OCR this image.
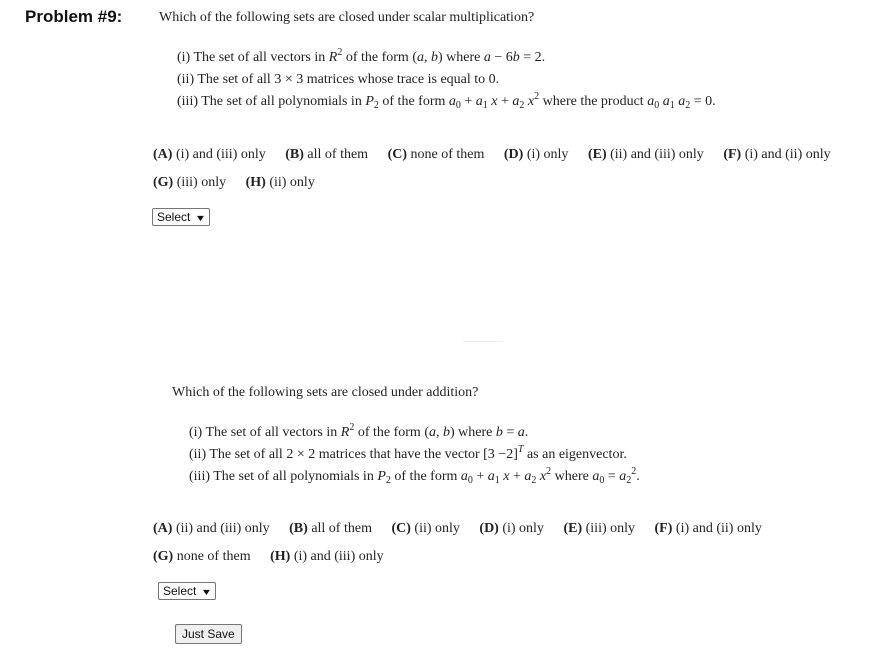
Problem #9:	Which of the following sets are closed under scalar multiplication?
(i) The set of all vectors in $R^2$ of the form (a, b) where a − 6b = 2.
(ii) The set of all 3 × 3 matrices whose trace is equal to 0.
(iii) The set of all polynomials in $P_2$ of the form $a_0 + a_1$ $x + a_2$ $x^2$ where the product $a_0$ $a_1$ $a_2 = 0$.
(A) (i) and (iii) only (B) all of them (C) none of them (D) (i) only (E) (ii) and (iii) only (F) (i) and (ii) only
(G) (iii) only (H) (ii) only
Select ▼
Which of the following sets are closed under addition?
(i) The set of all vectors in $R^2$ of the form (a, b) where b = a.
(ii) The set of all 2 × 2 matrices that have the vector $[3 -2]^T$ as an eigenvector.
(iii) The set of all polynomials in $P_2$ of the form $a_0 + a_1$ $x + a_2$ $x^2$ where $a_0 = a_2^2$.
(A) (ii) and (iii) only (B) all of them (C) (ii) only (D) (i) only (E) (iii) only (F) (i) and (ii) only
(G) none of them (H) (i) and (iii) only
Select ▼
Just Save
